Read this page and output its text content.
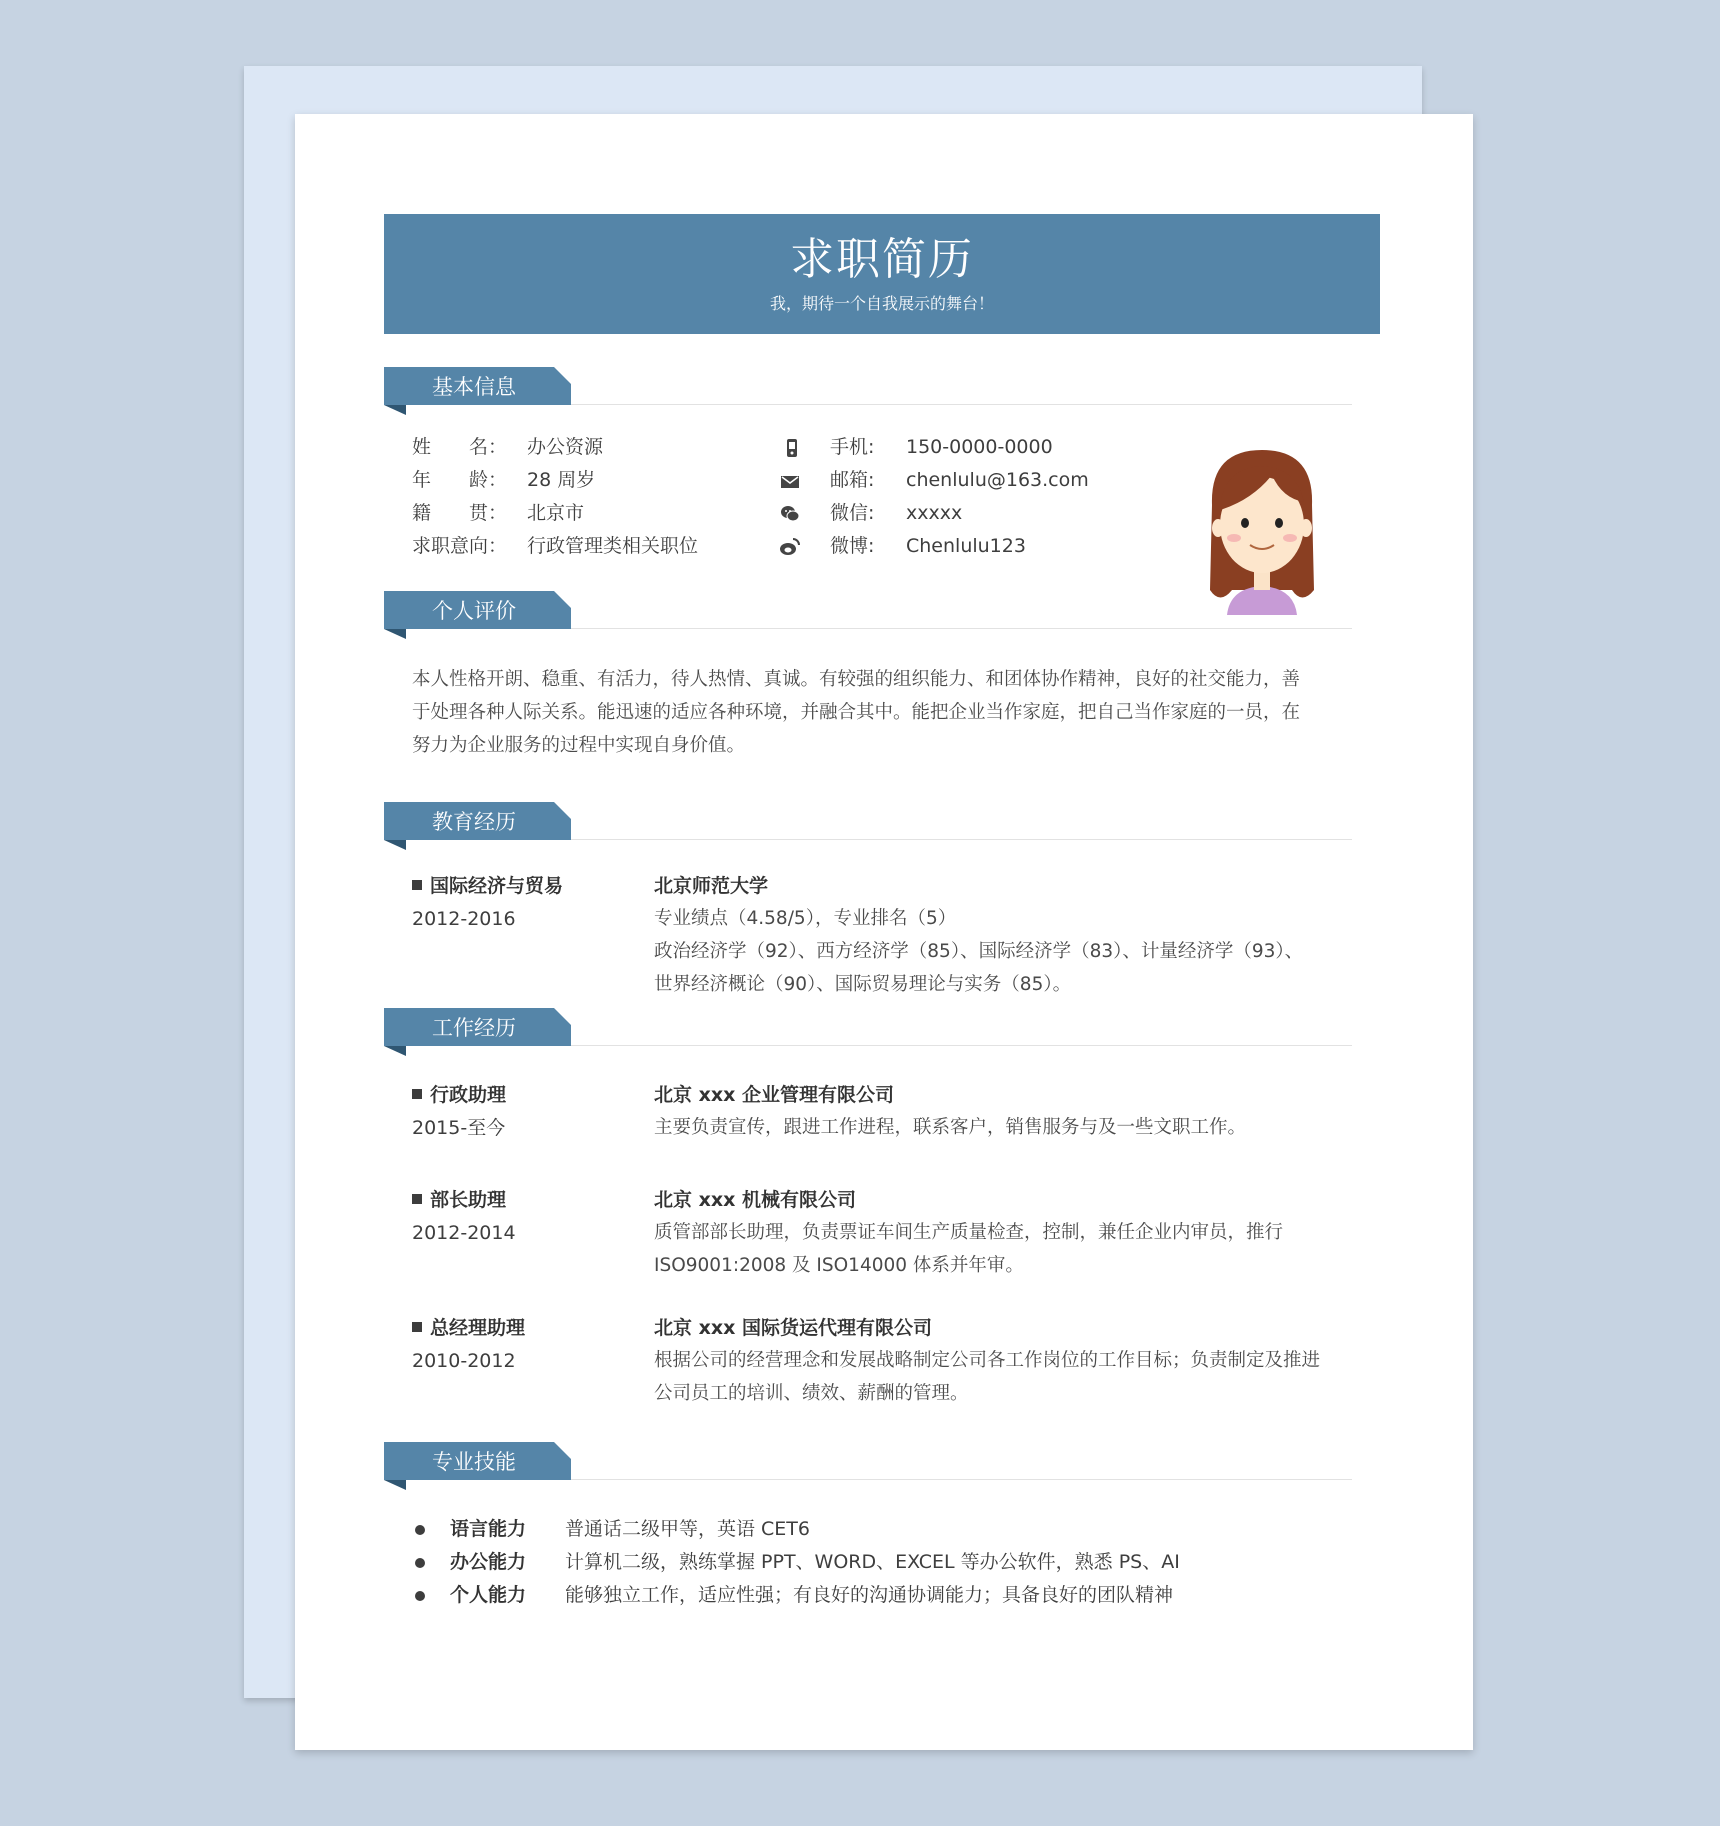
求职简历
我，期待一个自我展示的舞台！
基本信息
姓　　名： 办公资源
年　　龄： 28 周岁
籍　　贯： 北京市
求职意向： 行政管理类相关职位
手机: 150-0000-0000
邮箱: chenlulu@163.com
微信: xxxxx
微博: Chenlulu123
个人评价
本人性格开朗、稳重、有活力，待人热情、真诚。有较强的组织能力、和团体协作精神，良好的社交能力，善
于处理各种人际关系。能迅速的适应各种环境，并融合其中。能把企业当作家庭，把自己当作家庭的一员，在
努力为企业服务的过程中实现自身价值。
教育经历
国际经济与贸易
2012-2016
北京师范大学
专业绩点（4.58/5），专业排名（5）
政治经济学（92）、西方经济学（85）、国际经济学（83）、计量经济学（93）、
世界经济概论（90）、国际贸易理论与实务（85）。
工作经历
行政助理
2015-至今
北京 xxx 企业管理有限公司
主要负责宣传，跟进工作进程，联系客户，销售服务与及一些文职工作。
部长助理
2012-2014
北京 xxx 机械有限公司
质管部部长助理，负责票证车间生产质量检查，控制，兼任企业内审员，推行
ISO9001:2008 及 ISO14000 体系并年审。
总经理助理
2010-2012
北京 xxx 国际货运代理有限公司
根据公司的经营理念和发展战略制定公司各工作岗位的工作目标；负责制定及推进
公司员工的培训、绩效、薪酬的管理。
专业技能
语言能力 普通话二级甲等，英语 CET6
办公能力 计算机二级，熟练掌握 PPT、WORD、EXCEL 等办公软件，熟悉 PS、AI
个人能力 能够独立工作，适应性强；有良好的沟通协调能力；具备良好的团队精神
